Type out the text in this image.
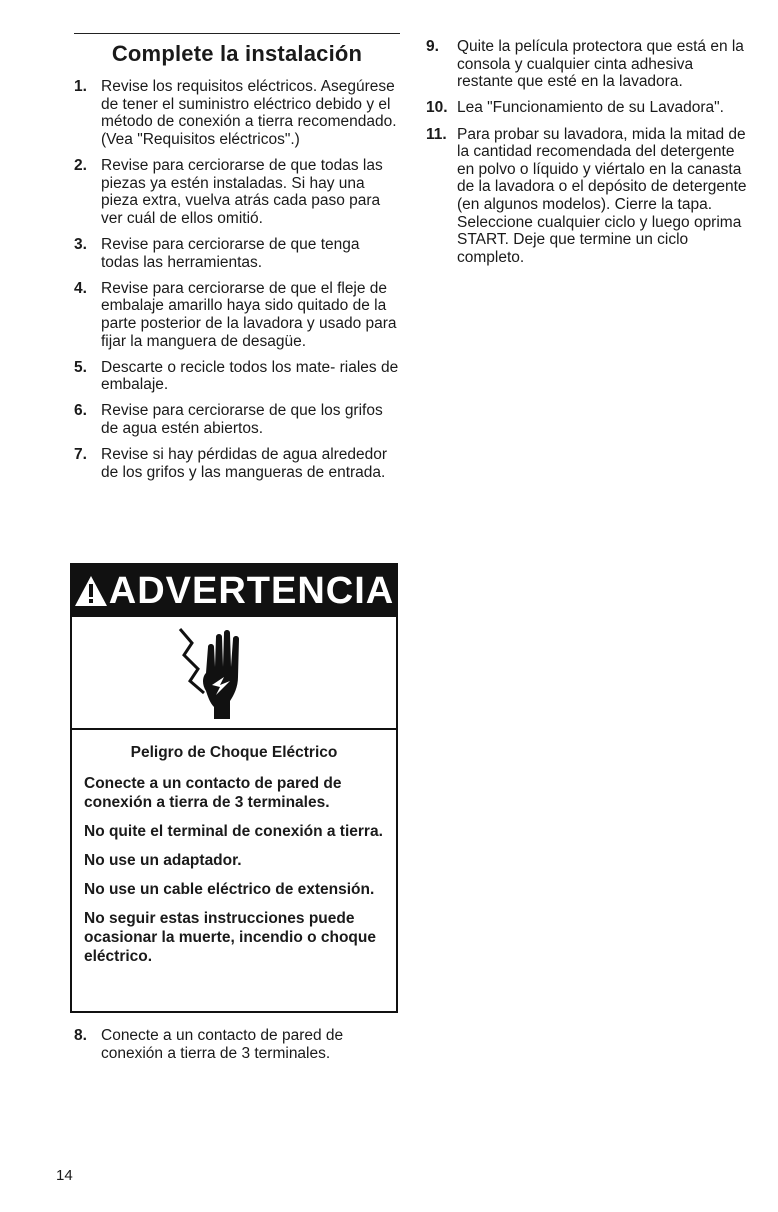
Complete la instalación
1. Revise los requisitos eléctricos. Asegúrese de tener el suministro eléctrico debido y el método de conexión a tierra recomendado. (Vea "Requisitos eléctricos".)
2. Revise para cerciorarse de que todas las piezas ya estén instaladas. Si hay una pieza extra, vuelva atrás cada paso para ver cuál de ellos omitió.
3. Revise para cerciorarse de que tenga todas las herramientas.
4. Revise para cerciorarse de que el fleje de embalaje amarillo haya sido quitado de la parte posterior de la lavadora y usado para fijar la manguera de desagüe.
5. Descarte o recicle todos los mate- riales de embalaje.
6. Revise para cerciorarse de que los grifos de agua estén abiertos.
7. Revise si hay pérdidas de agua alrededor de los grifos y las mangueras de entrada.
ADVERTENCIA

Peligro de Choque Eléctrico

Conecte a un contacto de pared de conexión a tierra de 3 terminales.

No quite el terminal de conexión a tierra.

No use un adaptador.

No use un cable eléctrico de extensión.

No seguir estas instrucciones puede ocasionar la muerte, incendio o choque eléctrico.

8. Conecte a un contacto de pared de conexión a tierra de 3 terminales.
9. Quite la película protectora que está en la consola y cualquier cinta adhesiva restante que esté en la lavadora.
10. Lea "Funcionamiento de su Lavadora".
11. Para probar su lavadora, mida la mitad de la cantidad recomendada del detergente en polvo o líquido y viértalo en la canasta de la lavadora o el depósito de detergente (en algunos modelos). Cierre la tapa. Seleccione cualquier ciclo y luego oprima START. Deje que termine un ciclo completo.
14
